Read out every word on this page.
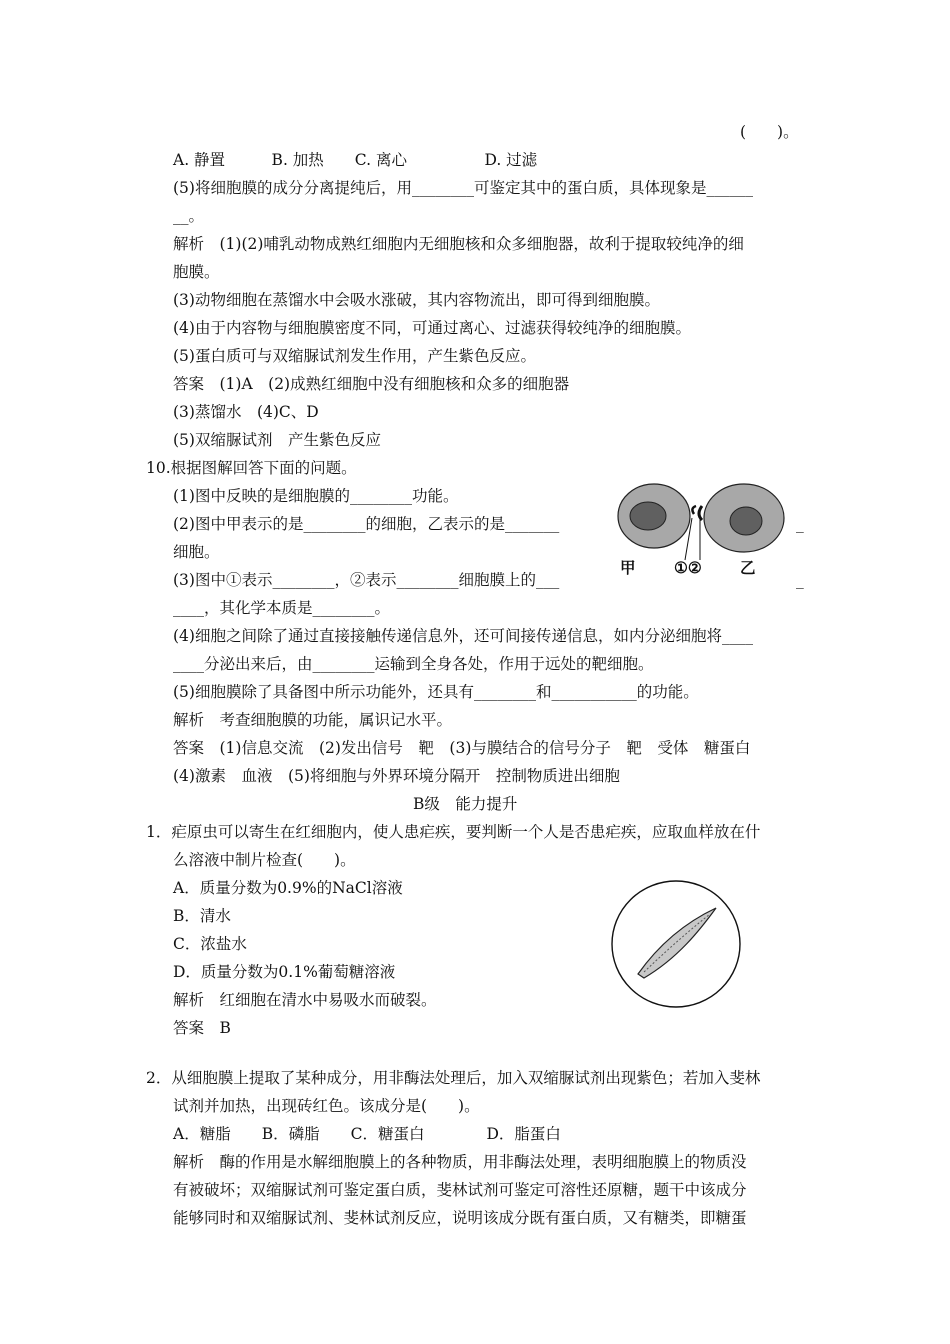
(　　)。
A. 静置　　　B. 加热　　C. 离心　　　　　D. 过滤
(5)将细胞膜的成分分离提纯后，用________可鉴定其中的蛋白质，具体现象是______
__。
解析　(1)(2)哺乳动物成熟红细胞内无细胞核和众多细胞器，故利于提取较纯净的细
胞膜。
(3)动物细胞在蒸馏水中会吸水涨破，其内容物流出，即可得到细胞膜。
(4)由于内容物与细胞膜密度不同，可通过离心、过滤获得较纯净的细胞膜。
(5)蛋白质可与双缩脲试剂发生作用，产生紫色反应。
答案　(1)A　(2)成熟红细胞中没有细胞核和众多的细胞器
(3)蒸馏水　(4)C、D
(5)双缩脲试剂　产生紫色反应
10.根据图解回答下面的问题。
(1)图中反映的是细胞膜的________功能。
(2)图中甲表示的是________的细胞，乙表示的是_______	_
细胞。
(3)图中①表示________，②表示________细胞膜上的___	_
____，其化学本质是________。
(4)细胞之间除了通过直接接触传递信息外，还可间接传递信息，如内分泌细胞将____
____分泌出来后，由________运输到全身各处，作用于远处的靶细胞。
(5)细胞膜除了具备图中所示功能外，还具有________和___________的功能。
解析　考查细胞膜的功能，属识记水平。
答案　(1)信息交流　(2)发出信号　靶　(3)与膜结合的信号分子　靶　受体　糖蛋白
(4)激素　血液　(5)将细胞与外界环境分隔开　控制物质进出细胞
甲 ①② 乙
B级　能力提升
1．疟原虫可以寄生在红细胞内，使人患疟疾，要判断一个人是否患疟疾，应取血样放在什
么溶液中制片检查(　　)。
A．质量分数为0.9%的NaCl溶液
B．清水
C．浓盐水
D．质量分数为0.1%葡萄糖溶液
解析　红细胞在清水中易吸水而破裂。
答案　B
2．从细胞膜上提取了某种成分，用非酶法处理后，加入双缩脲试剂出现紫色；若加入斐林
试剂并加热，出现砖红色。该成分是(　　)。
A．糖脂　　B．磷脂　　C．糖蛋白　　　　D．脂蛋白
解析　酶的作用是水解细胞膜上的各种物质，用非酶法处理，表明细胞膜上的物质没
有被破坏；双缩脲试剂可鉴定蛋白质，斐林试剂可鉴定可溶性还原糖，题干中该成分
能够同时和双缩脲试剂、斐林试剂反应，说明该成分既有蛋白质，又有糖类，即糖蛋
